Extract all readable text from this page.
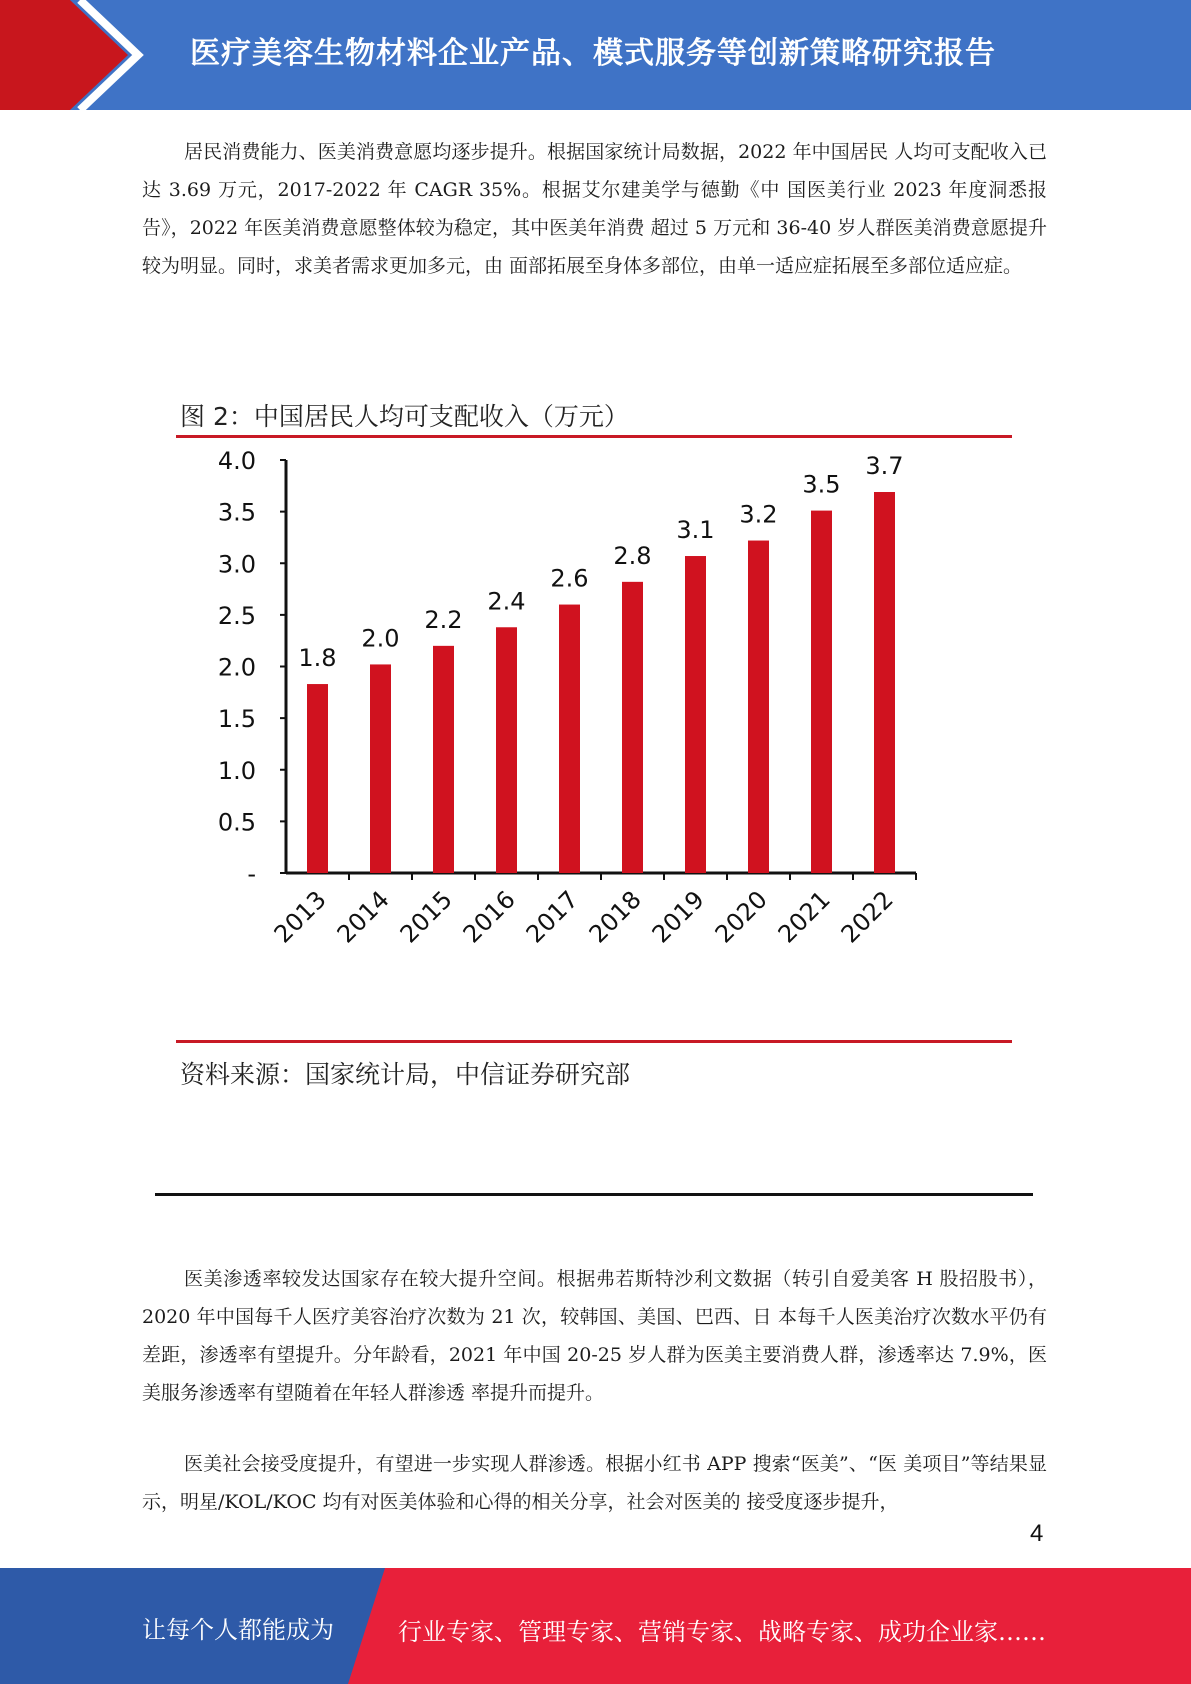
医疗美容生物材料企业产品、模式服务等创新策略研究报告

居民消费能力、医美消费意愿均逐步提升。根据国家统计局数据，2022 年中国居民 人均可支配收入已达 3.69 万元，2017-2022 年 CAGR 35%。根据艾尔建美学与德勤《中 国医美行业 2023 年度洞悉报告》，2022 年医美消费意愿整体较为稳定，其中医美年消费 超过 5 万元和 36-40 岁人群医美消费意愿提升较为明显。同时，求美者需求更加多元，由 面部拓展至身体多部位，由单一适应症拓展至多部位适应症。

图 2：中国居民人均可支配收入（万元）
-
0.5
1.0
1.5
2.0
2.5
3.0
3.5
4.0
1.8
2013
2.0
2014
2.2
2015
2.4
2016
2.6
2017
2.8
2018
3.1
2019
3.2
2020
3.5
2021
3.7
2022
资料来源：国家统计局，中信证券研究部

医美渗透率较发达国家存在较大提升空间。根据弗若斯特沙利文数据（转引自爱美客 H 股招股书），2020 年中国每千人医疗美容治疗次数为 21 次，较韩国、美国、巴西、日 本每千人医美治疗次数水平仍有差距，渗透率有望提升。分年龄看，2021 年中国 20-25 岁人群为医美主要消费人群，渗透率达 7.9%，医美服务渗透率有望随着在年轻人群渗透 率提升而提升。

医美社会接受度提升，有望进一步实现人群渗透。根据小红书 APP 搜索“医美”、“医 美项目”等结果显示，明星/KOL/KOC 均有对医美体验和心得的相关分享，社会对医美的 接受度逐步提升，

4
让每个人都能成为	行业专家、管理专家、营销专家、战略专家、成功企业家……
